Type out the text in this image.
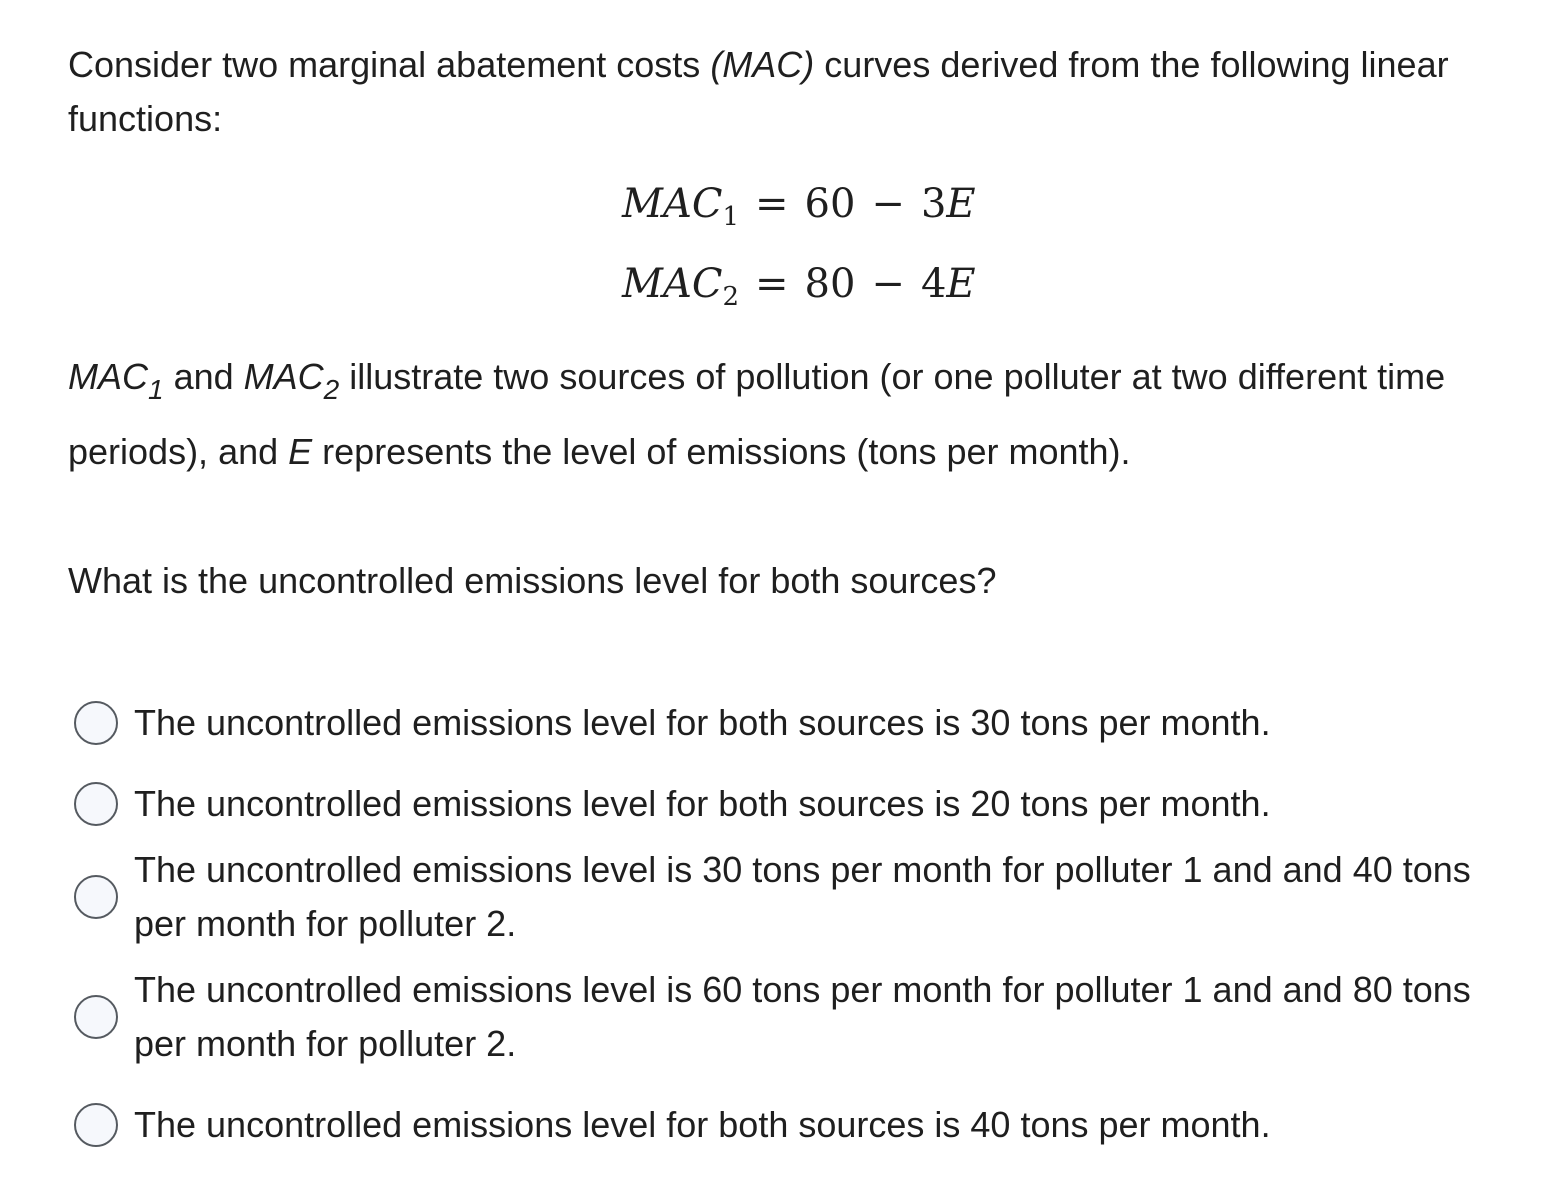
Consider two marginal abatement costs (MAC) curves derived from the following linear functions:

$MAC_1 = 60 - 3E$
$MAC_2 = 80 - 4E$

$MAC_1$ and $MAC_2$ illustrate two sources of pollution (or one polluter at two different time periods), and E represents the level of emissions (tons per month).

What is the uncontrolled emissions level for both sources?

The uncontrolled emissions level for both sources is 30 tons per month.
The uncontrolled emissions level for both sources is 20 tons per month.
The uncontrolled emissions level is 30 tons per month for polluter 1 and and 40 tons per month for polluter 2.
The uncontrolled emissions level is 60 tons per month for polluter 1 and and 80 tons per month for polluter 2.
The uncontrolled emissions level for both sources is 40 tons per month.
